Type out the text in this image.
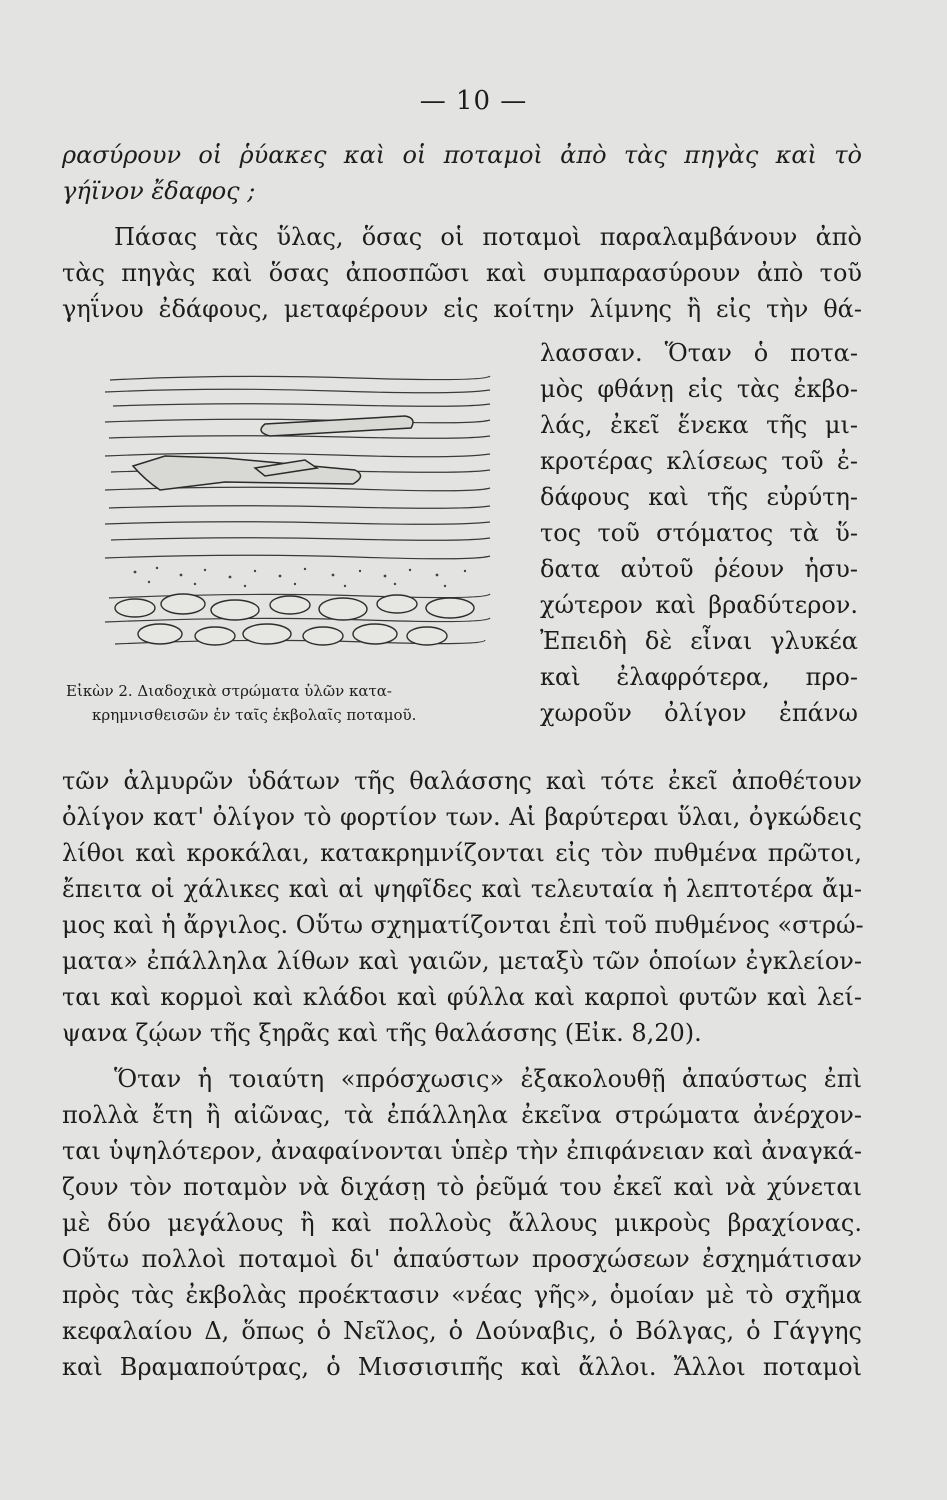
— 10 —
ρασύρουν οἱ ῥύακες καὶ οἱ ποταμοὶ ἀπὸ τὰς πηγὰς καὶ τὸ
γήϊνον ἔδαφος ;
Πάσας τὰς ὕλας, ὅσας οἱ ποταμοὶ παραλαμβάνουν ἀπὸ
τὰς πηγὰς καὶ ὅσας ἀποσπῶσι καὶ συμπαρασύρουν ἀπὸ τοῦ
γηΐνου ἐδάφους, μεταφέρουν εἰς κοίτην λίμνης ἢ εἰς τὴν θά-
λασσαν. Ὅταν ὁ ποτα-
μὸς φθάνῃ εἰς τὰς ἐκβο-
λάς, ἐκεῖ ἕνεκα τῆς μι-
κροτέρας κλίσεως τοῦ ἐ-
δάφους καὶ τῆς εὐρύτη-
τος τοῦ στόματος τὰ ὕ-
δατα αὐτοῦ ῥέουν ἡσυ-
χώτερον καὶ βραδύτερον.
Ἐπειδὴ δὲ εἶναι γλυκέα
καὶ ἐλαφρότερα, προ-
χωροῦν ὀλίγον ἐπάνω
Εἰκὼν 2. Διαδοχικὰ στρώματα ὑλῶν κατα-
κρημνισθεισῶν ἐν ταῖς ἐκβολαῖς ποταμοῦ.
τῶν ἁλμυρῶν ὑδάτων τῆς θαλάσσης καὶ τότε ἐκεῖ ἀποθέτουν
ὀλίγον κατ' ὀλίγον τὸ φορτίον των. Αἱ βαρύτεραι ὕλαι, ὀγκώδεις
λίθοι καὶ κροκάλαι, κατακρημνίζονται εἰς τὸν πυθμένα πρῶτοι,
ἔπειτα οἱ χάλικες καὶ αἱ ψηφῖδες καὶ τελευταία ἡ λεπτοτέρα ἄμ-
μος καὶ ἡ ἄργιλος. Οὕτω σχηματίζονται ἐπὶ τοῦ πυθμένος «στρώ-
ματα» ἐπάλληλα λίθων καὶ γαιῶν, μεταξὺ τῶν ὁποίων ἐγκλείον-
ται καὶ κορμοὶ καὶ κλάδοι καὶ φύλλα καὶ καρποὶ φυτῶν καὶ λεί-
ψανα ζῴων τῆς ξηρᾶς καὶ τῆς θαλάσσης (Εἰκ. 8,20).
Ὅταν ἡ τοιαύτη «πρόσχωσις» ἐξακολουθῇ ἀπαύστως ἐπὶ
πολλὰ ἔτη ἢ αἰῶνας, τὰ ἐπάλληλα ἐκεῖνα στρώματα ἀνέρχον-
ται ὑψηλότερον, ἀναφαίνονται ὑπὲρ τὴν ἐπιφάνειαν καὶ ἀναγκά-
ζουν τὸν ποταμὸν νὰ διχάσῃ τὸ ῥεῦμά του ἐκεῖ καὶ νὰ χύνεται
μὲ δύο μεγάλους ἢ καὶ πολλοὺς ἄλλους μικροὺς βραχίονας.
Οὕτω πολλοὶ ποταμοὶ δι' ἀπαύστων προσχώσεων ἐσχημάτισαν
πρὸς τὰς ἐκβολὰς προέκτασιν «νέας γῆς», ὁμοίαν μὲ τὸ σχῆμα
κεφαλαίου Δ, ὅπως ὁ Νεῖλος, ὁ Δούναβις, ὁ Βόλγας, ὁ Γάγγης
καὶ Βραμαπούτρας, ὁ Μισσισιπῆς καὶ ἄλλοι. Ἄλλοι ποταμοὶ
